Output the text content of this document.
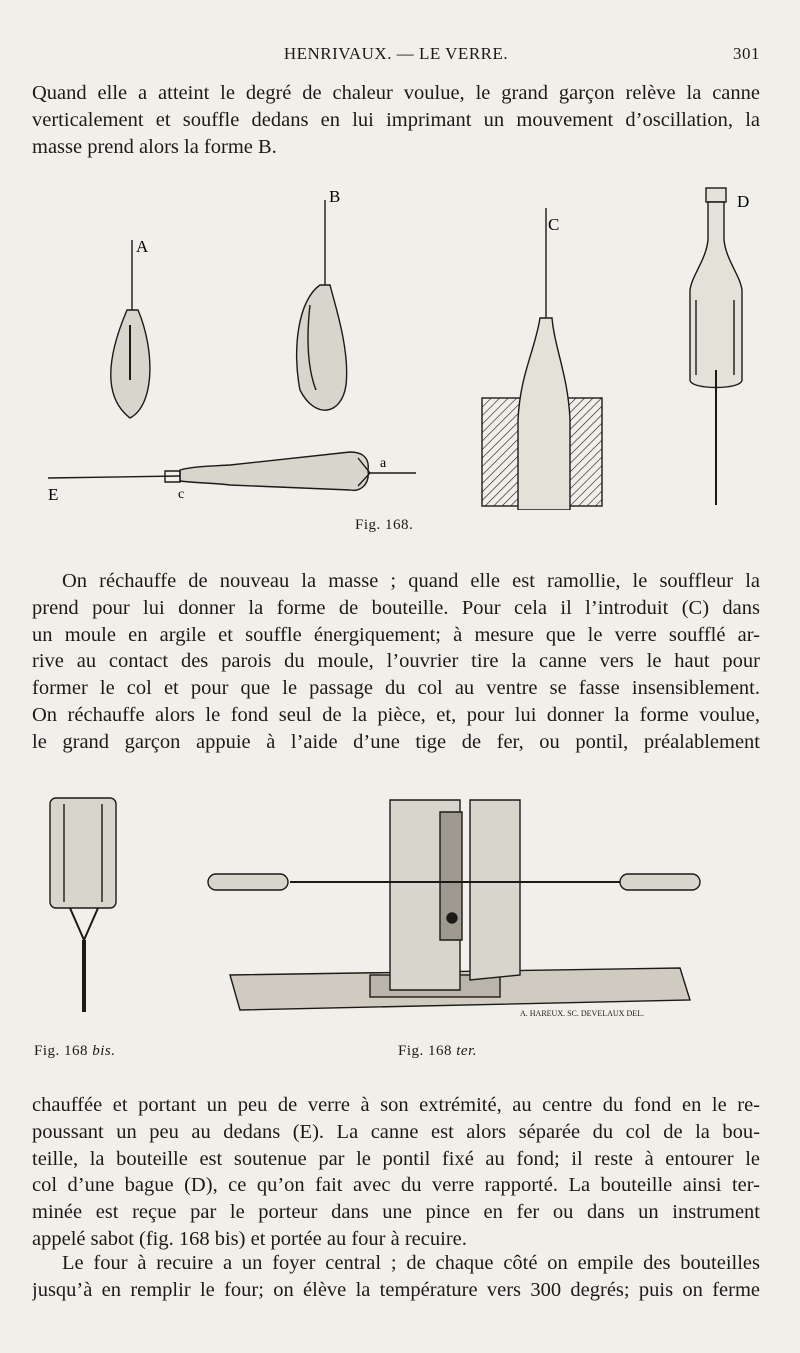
HENRIVAUX. — LE VERRE.	301
Quand elle a atteint le degré de chaleur voulue, le grand garçon relève la canne
verticalement et souffle dedans en lui imprimant un mouvement d’oscillation, la
masse prend alors la forme B.
A
B
C
D
E
a
c
Fig. 168.
On réchauffe de nouveau la masse ; quand elle est ramollie, le souffleur la
prend pour lui donner la forme de bouteille. Pour cela il l’introduit (C) dans
un moule en argile et souffle énergiquement; à mesure que le verre soufflé ar-
rive au contact des parois du moule, l’ouvrier tire la canne vers le haut pour
former le col et pour que le passage du col au ventre se fasse insensiblement.
On réchauffe alors le fond seul de la pièce, et, pour lui donner la forme voulue,
le grand garçon appuie à l’aide d’une tige de fer, ou pontil, préalablement
A. HAREUX. SC. DEVELAUX DEL.
Fig. 168 bis.	Fig. 168 ter.
chauffée et portant un peu de verre à son extrémité, au centre du fond en le re-
poussant un peu au dedans (E). La canne est alors séparée du col de la bou-
teille, la bouteille est soutenue par le pontil fixé au fond; il reste à entourer le
col d’une bague (D), ce qu’on fait avec du verre rapporté. La bouteille ainsi ter-
minée est reçue par le porteur dans une pince en fer ou dans un instrument
appelé sabot (fig. 168 bis) et portée au four à recuire.
Le four à recuire a un foyer central ; de chaque côté on empile des bouteilles
jusqu’à en remplir le four; on élève la température vers 300 degrés; puis on ferme
